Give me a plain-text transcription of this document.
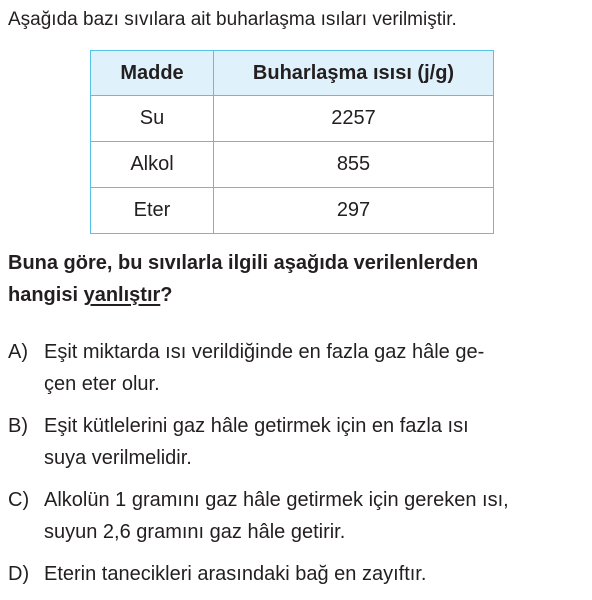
Aşağıda bazı sıvılara ait buharlaşma ısıları verilmiştir.
Madde	Buharlaşma ısısı (j/g)
Su	2257
Alkol	855
Eter	297
Buna göre, bu sıvılarla ilgili aşağıda verilenlerden
hangisi yanlıştır?
A) Eşit miktarda ısı verildiğinde en fazla gaz hâle ge-
çen eter olur.
B) Eşit kütlelerini gaz hâle getirmek için en fazla ısı
suya verilmelidir.
C) Alkolün 1 gramını gaz hâle getirmek için gereken ısı,
suyun 2,6 gramını gaz hâle getirir.
D) Eterin tanecikleri arasındaki bağ en zayıftır.
